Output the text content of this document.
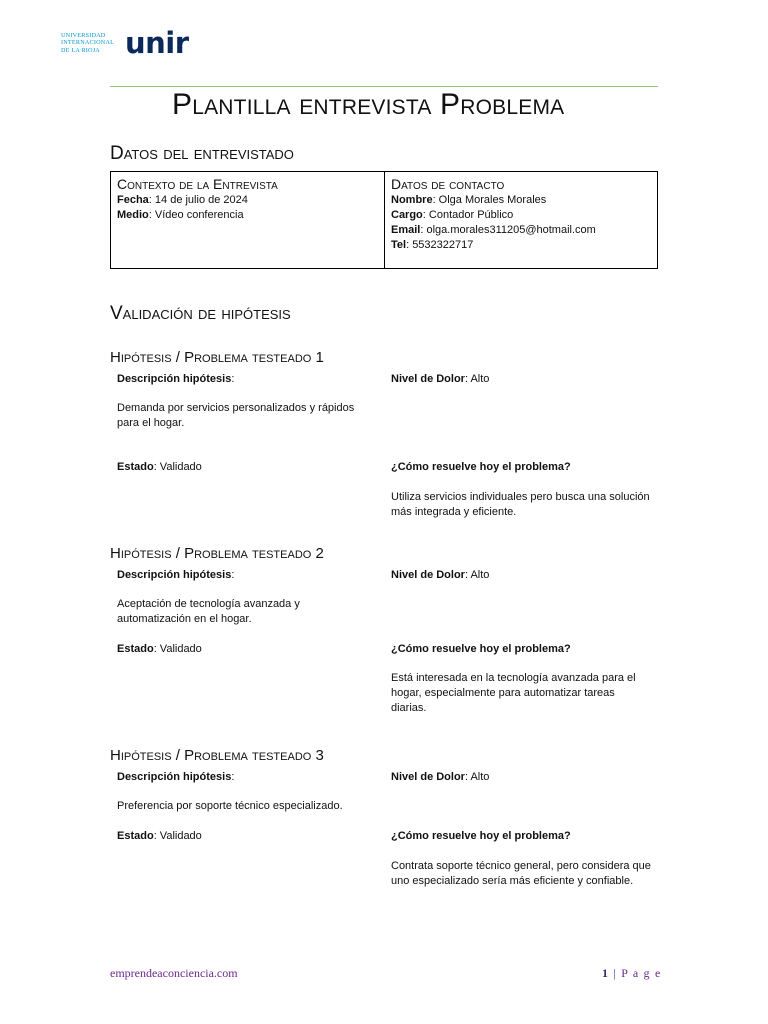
UNIVERSIDAD
INTERNACIONAL
DE LA RIOJA unir
Plantilla entrevista Problema
Datos del entrevistado
Contexto de la Entrevista
Fecha: 14 de julio de 2024
Medio: Vídeo conferencia
Datos de contacto
Nombre: Olga Morales Morales
Cargo: Contador Público
Email: olga.morales311205@hotmail.com
Tel: 5532322717
Validación de hipótesis
Hipótesis / Problema testeado 1
Descripción hipótesis:	Nivel de Dolor: Alto
Demanda por servicios personalizados y rápidos para el hogar.
Estado: Validado	¿Cómo resuelve hoy el problema?
Utiliza servicios individuales pero busca una solución más integrada y eficiente.
Hipótesis / Problema testeado 2
Descripción hipótesis:	Nivel de Dolor: Alto
Aceptación de tecnología avanzada y automatización en el hogar.
Estado: Validado	¿Cómo resuelve hoy el problema?
Está interesada en la tecnología avanzada para el hogar, especialmente para automatizar tareas diarias.
Hipótesis / Problema testeado 3
Descripción hipótesis:	Nivel de Dolor: Alto
Preferencia por soporte técnico especializado.
Estado: Validado	¿Cómo resuelve hoy el problema?
Contrata soporte técnico general, pero considera que uno especializado sería más eficiente y confiable.
emprendeaconciencia.com	1 | P a g e
